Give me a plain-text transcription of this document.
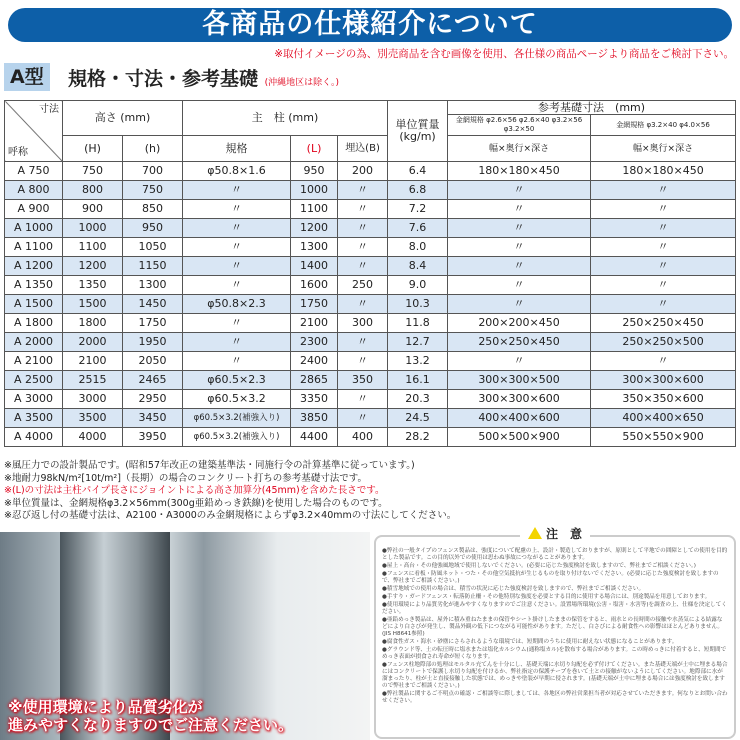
各商品の仕様紹介について
※取付イメージの為、別売商品を含む画像を使用、各仕様の商品ページより商品をご検討下さい。
A型	規格・寸法・参考基礎 (沖縄地区は除く。)
寸法
呼称	高さ (mm)		主　柱 (mm)			単位質量(kg/m)	参考基礎寸法　(mm)	
							金網規格 φ2.6×56 φ2.6×40 φ3.2×56 φ3.2×50	金網規格 φ3.2×40 φ4.0×56
	(H)	(h)	規格	(L)	埋込(B)		幅×奥行×深さ	幅×奥行×深さ
A 750	750	700	φ50.8×1.6	950	200	6.4	180×180×450	180×180×450
A 800	800	750	〃	1000	〃	6.8	〃	〃
A 900	900	850	〃	1100	〃	7.2	〃	〃
A 1000	1000	950	〃	1200	〃	7.6	〃	〃
A 1100	1100	1050	〃	1300	〃	8.0	〃	〃
A 1200	1200	1150	〃	1400	〃	8.4	〃	〃
A 1350	1350	1300	〃	1600	250	9.0	〃	〃
A 1500	1500	1450	φ50.8×2.3	1750	〃	10.3	〃	〃
A 1800	1800	1750	〃	2100	300	11.8	200×200×450	250×250×450
A 2000	2000	1950	〃	2300	〃	12.7	250×250×450	250×250×500
A 2100	2100	2050	〃	2400	〃	13.2	〃	〃
A 2500	2515	2465	φ60.5×2.3	2865	350	16.1	300×300×500	300×300×600
A 3000	3000	2950	φ60.5×3.2	3350	〃	20.3	300×300×600	350×350×600
A 3500	3500	3450	φ60.5×3.2(補強入り)	3850	〃	24.5	400×400×600	400×400×650
A 4000	4000	3950	φ60.5×3.2(補強入り)	4400	400	28.2	500×500×900	550×550×900
※風圧力での設計製品です。(昭和57年改正の建築基準法・同施行令の計算基準に従っています。)
※地耐力98kN/m²[10t/m²]（長期）の場合のコンクリート打ちの参考基礎寸法です。
※(L)の寸法は主柱パイプ長さにジョイントによる高さ加算分(45mm)を含めた長さです。
※単位質量は、金網規格φ3.2×56mm(300g亜鉛めっき鉄線)を使用した場合のものです。
※忍び返し付の基礎寸法は、A2100・A3000のみ金網規格によらずφ3.2×40mmの寸法にしてください。
※使用環境により品質劣化が
進みやすくなりますのでご注意ください。

●弊社の一般タイプのフェンス製品は、強度について配慮の上、設計・製造しておりますが、原則として平地での囲障としての使用を目的とした製品です。この目的以外での使用は思わぬ事故につながることがあります。

●屋上・高台・その他強風地域で使用しないでください。(必要に応じた強度検討を致しますので、弊社までご相談ください。)

●フェンスに看板・防風ネット・つた・その他空気抵抗が生じるものを取り付けないでください。(必要に応じた強度検討を致しますので、弊社までご相談ください。)

●積雪地域での使用の場合は、積雪の状況に応じた強度検討を致しますので、弊社までご相談ください。

●手すり・ガードフェンス・転落防止柵・その他特別な強度を必要とする目的に使用する場合には、別途製品を用意しております。

●使用環境により品質劣化が進みやすくなりますのでご注意ください。設置場所環境(公害・塩害・水害等)を調査の上、仕様を決定してください。

●亜鉛めっき製品は、屋外に積み重ねたままの保管やシート掛けしたままの保管をすると、雨水との長時間の接触や水蒸気による結露などにより白さびが発生し、製品外観の低下につながる可能性があります。ただし、白さびによる耐食性への影響はほとんどありません。(JIS H8641参照)

●腐食性ガス・海水・砂塵にさらされるような環境では、短期間のうちに使用に耐えない状態になることがあります。

●グラウンド等、土の転圧時に塩水または塩化カルシウム(通称塩カル)を散布する場合があります。この時めっきに付着すると、短期間でめっき表面が損食され寿命が短くなります。

●フェンス柱地際部の処理はモルタル充てんを十分にし、基礎天端に水切り勾配を必ず付けてください。また基礎天端が土中に埋まる場合にはコンクリートで保護し水切り勾配を付けるか、弊社指定の保護テープを巻いて土との接触がないようにしてください。地際部に水が溜まったり、柱が土と直接接触した状態では、めっきや塗装が早期に侵されます。(基礎天端が土中に埋まる場合には強度検討を致しますので弊社までご相談ください。)

●弊社製品に関するご不明点の確認・ご相談等に際しましては、各地区の弊社営業担当者が対応させていただきます。何なりとお問い合わせください。

注　意
